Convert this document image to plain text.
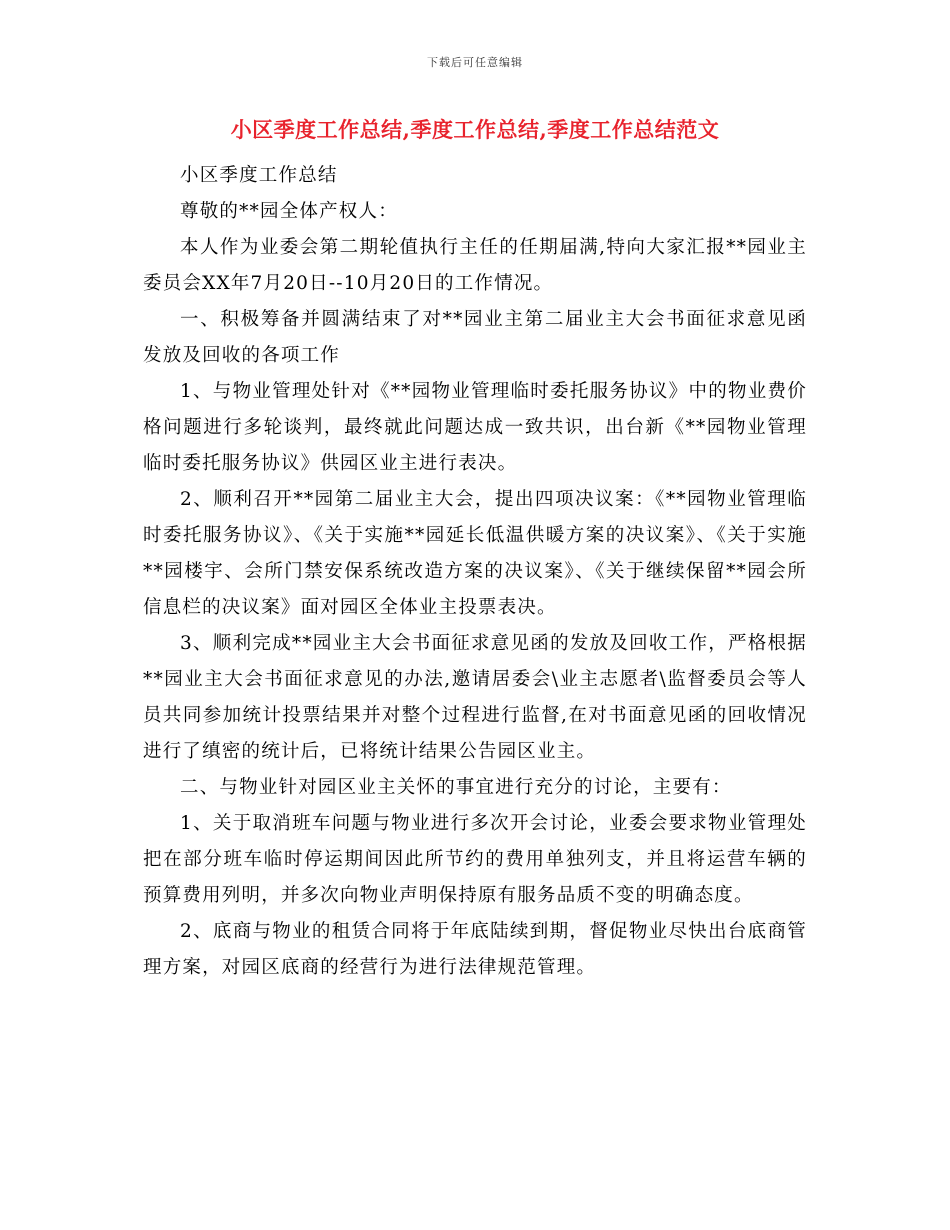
下载后可任意编辑
小区季度工作总结,季度工作总结,季度工作总结范文

小区季度工作总结

尊敬的**园全体产权人：

本人作为业委会第二期轮值执行主任的任期届满,特向大家汇报**园业主委员会XX年7月20日--10月20日的工作情况。

一、积极筹备并圆满结束了对**园业主第二届业主大会书面征求意见函发放及回收的各项工作

1、与物业管理处针对《**园物业管理临时委托服务协议》中的物业费价格问题进行多轮谈判，最终就此问题达成一致共识，出台新《**园物业管理临时委托服务协议》供园区业主进行表决。

2、顺利召开**园第二届业主大会，提出四项决议案：《**园物业管理临时委托服务协议》、《关于实施**园延长低温供暖方案的决议案》、《关于实施**园楼宇、会所门禁安保系统改造方案的决议案》、《关于继续保留**园会所信息栏的决议案》面对园区全体业主投票表决。

3、顺利完成**园业主大会书面征求意见函的发放及回收工作，严格根据**园业主大会书面征求意见的办法,邀请居委会\业主志愿者\监督委员会等人员共同参加统计投票结果并对整个过程进行监督,在对书面意见函的回收情况进行了缜密的统计后，已将统计结果公告园区业主。

二、与物业针对园区业主关怀的事宜进行充分的讨论，主要有：

1、关于取消班车问题与物业进行多次开会讨论，业委会要求物业管理处把在部分班车临时停运期间因此所节约的费用单独列支，并且将运营车辆的预算费用列明，并多次向物业声明保持原有服务品质不变的明确态度。

2、底商与物业的租赁合同将于年底陆续到期，督促物业尽快出台底商管理方案，对园区底商的经营行为进行法律规范管理。
